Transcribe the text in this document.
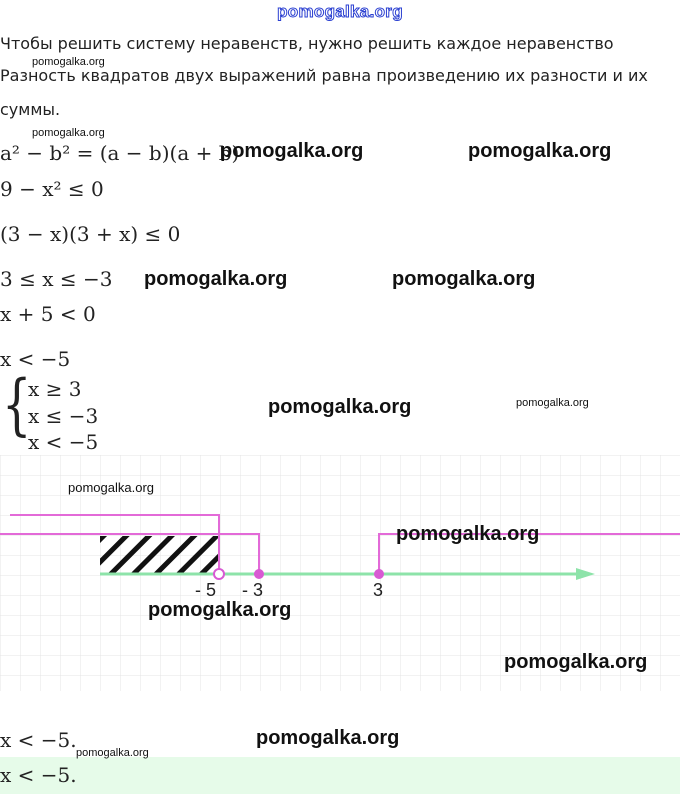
pomogalka.org
Чтобы решить систему неравенств, нужно решить каждое неравенство
Разность квадратов двух выражений равна произведению их разности и их
суммы.
pomogalka.org
pomogalka.org
a² − b² = (a − b)(a + b)
pomogalka.org	pomogalka.org
9 − x² ≤ 0
(3 − x)(3 + x) ≤ 0
3 ≤ x ≤ −3 pomogalka.org	pomogalka.org
x + 5 < 0
x < −5
{
x ≥ 3
x ≤ −3
x < −5
pomogalka.org	pomogalka.org
- 5 - 3	3
pomogalka.org
pomogalka.org
pomogalka.org
pomogalka.org
x < −5.	pomogalka.org
pomogalka.org
x < −5.
